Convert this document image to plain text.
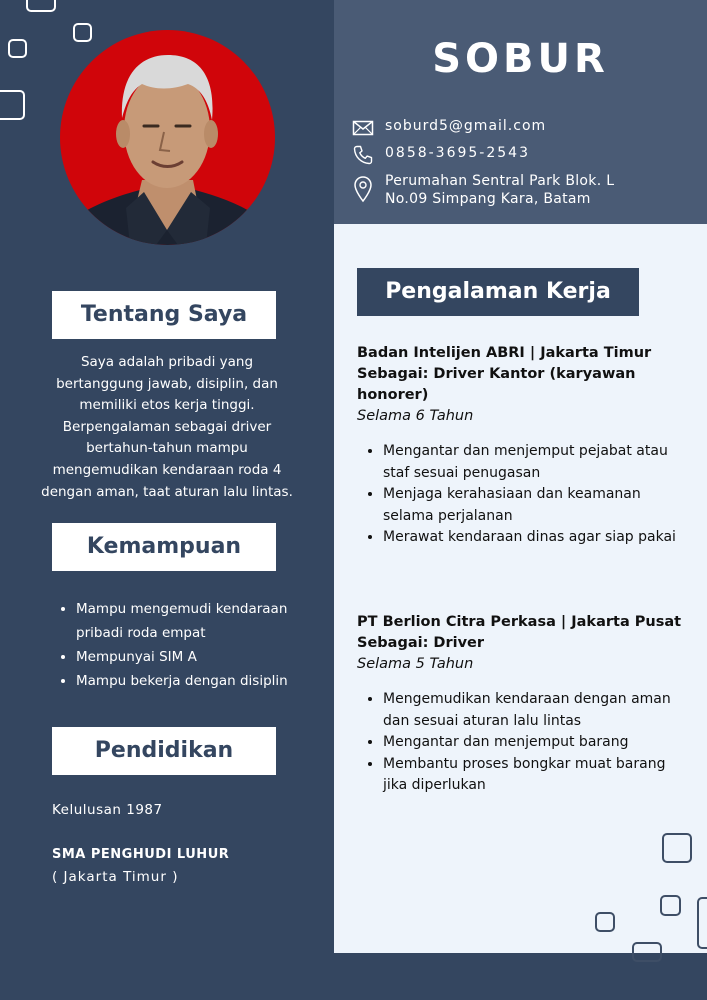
SOBUR
soburd5@gmail.com
0858-3695-2543
Perumahan Sentral Park Blok. L
No.09 Simpang Kara, Batam
Pengalaman Kerja
Badan Intelijen ABRI | Jakarta Timur
Sebagai: Driver Kantor (karyawan
honorer)
Selama 6 Tahun
• Mengantar dan menjemput pejabat atau staf sesuai penugasan
• Menjaga kerahasiaan dan keamanan selama perjalanan
• Merawat kendaraan dinas agar siap pakai
PT Berlion Citra Perkasa | Jakarta Pusat
Sebagai: Driver
Selama 5 Tahun
• Mengemudikan kendaraan dengan aman dan sesuai aturan lalu lintas
• Mengantar dan menjemput barang
• Membantu proses bongkar muat barang jika diperlukan
Tentang Saya
Saya adalah pribadi yang
bertanggung jawab, disiplin, dan
memiliki etos kerja tinggi.
Berpengalaman sebagai driver
bertahun-tahun mampu
mengemudikan kendaraan roda 4
dengan aman, taat aturan lalu lintas.
Kemampuan
• Mampu mengemudi kendaraan pribadi roda empat
• Mempunyai SIM A
• Mampu bekerja dengan disiplin
Pendidikan
Kelulusan 1987
SMA PENGHUDI LUHUR
( Jakarta Timur )
